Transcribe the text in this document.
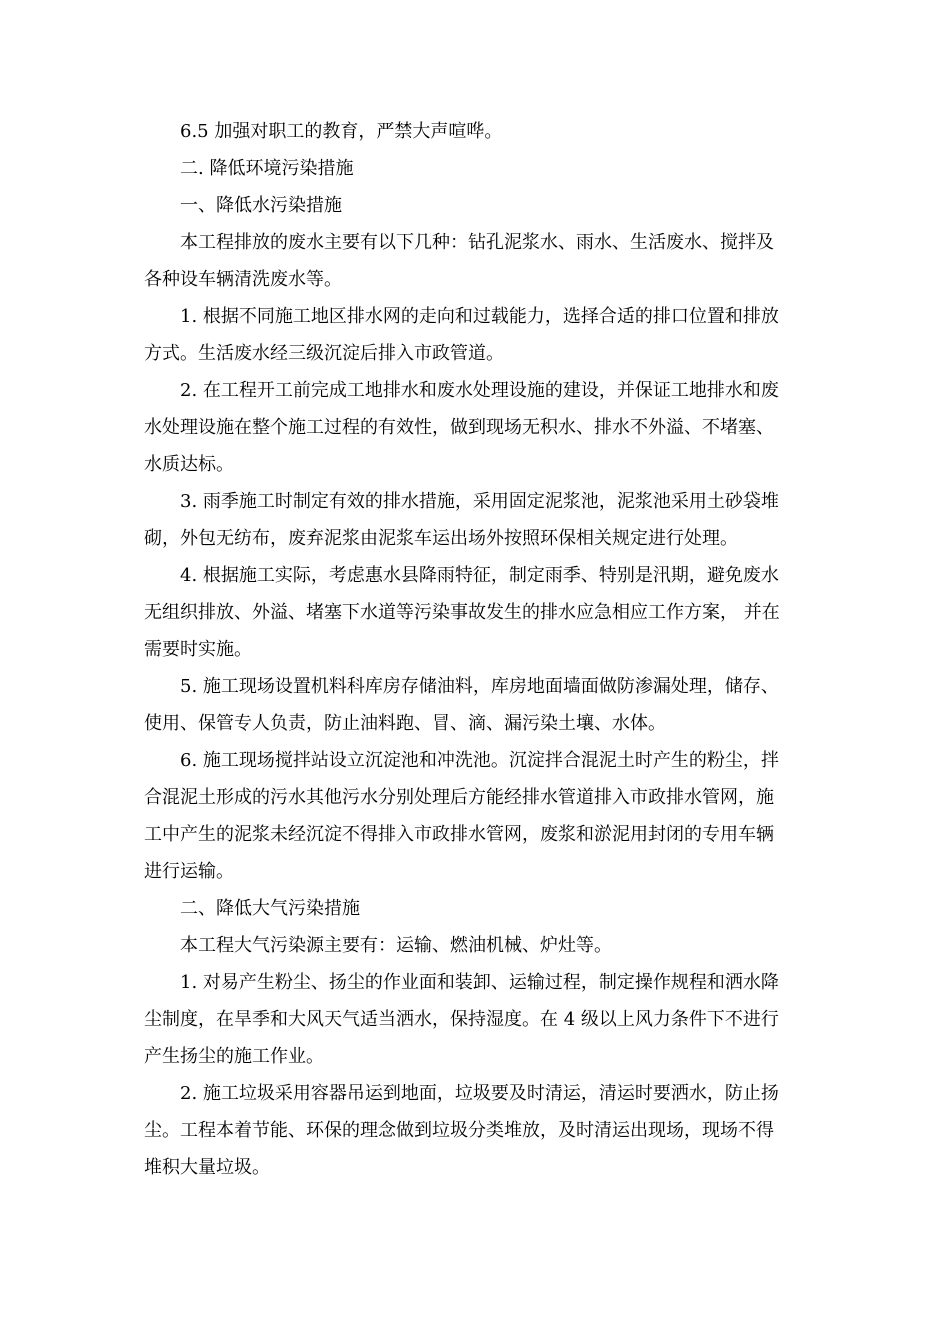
6.5 加强对职工的教育，严禁大声喧哗。
二. 降低环境污染措施
一、降低水污染措施
本工程排放的废水主要有以下几种：钻孔泥浆水、雨水、生活废水、搅拌及
各种设车辆清洗废水等。
1. 根据不同施工地区排水网的走向和过载能力，选择合适的排口位置和排放
方式。生活废水经三级沉淀后排入市政管道。
2. 在工程开工前完成工地排水和废水处理设施的建设，并保证工地排水和废
水处理设施在整个施工过程的有效性，做到现场无积水、排水不外溢、不堵塞、
水质达标。
3. 雨季施工时制定有效的排水措施，采用固定泥浆池，泥浆池采用土砂袋堆
砌，外包无纺布，废弃泥浆由泥浆车运出场外按照环保相关规定进行处理。
4. 根据施工实际，考虑惠水县降雨特征，制定雨季、特别是汛期，避免废水
无组织排放、外溢、堵塞下水道等污染事故发生的排水应急相应工作方案， 并在
需要时实施。
5. 施工现场设置机料科库房存储油料，库房地面墙面做防渗漏处理，储存、
使用、保管专人负责，防止油料跑、冒、滴、漏污染土壤、水体。
6. 施工现场搅拌站设立沉淀池和冲洗池。沉淀拌合混泥土时产生的粉尘，拌
合混泥土形成的污水其他污水分别处理后方能经排水管道排入市政排水管网，施
工中产生的泥浆未经沉淀不得排入市政排水管网，废浆和淤泥用封闭的专用车辆
进行运输。
二、降低大气污染措施
本工程大气污染源主要有：运输、燃油机械、炉灶等。
1. 对易产生粉尘、扬尘的作业面和装卸、运输过程，制定操作规程和洒水降
尘制度，在旱季和大风天气适当洒水，保持湿度。在 4 级以上风力条件下不进行
产生扬尘的施工作业。
2. 施工垃圾采用容器吊运到地面，垃圾要及时清运，清运时要洒水，防止扬
尘。工程本着节能、环保的理念做到垃圾分类堆放，及时清运出现场，现场不得
堆积大量垃圾。
